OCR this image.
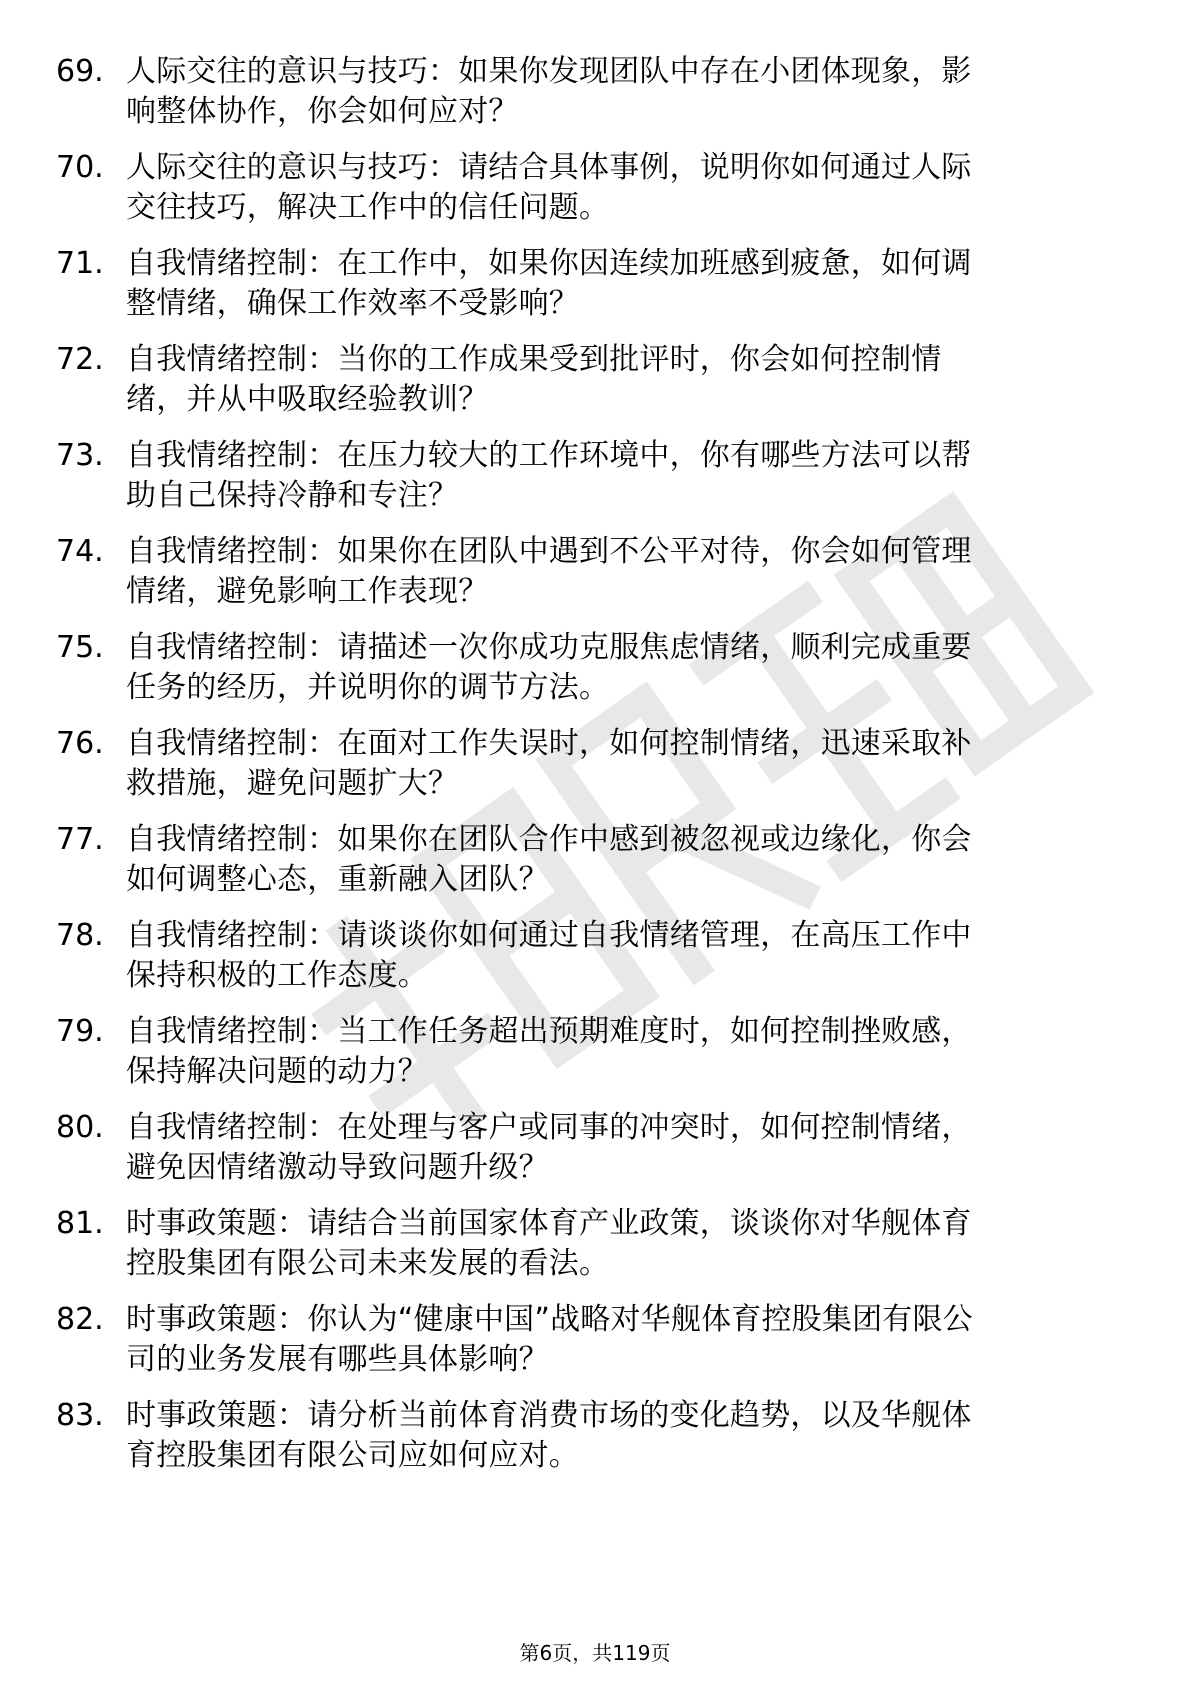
69. 人际交往的意识与技巧：如果你发现团队中存在小团体现象，影
响整体协作，你会如何应对？
70. 人际交往的意识与技巧：请结合具体事例，说明你如何通过人际
交往技巧，解决工作中的信任问题。
71. 自我情绪控制：在工作中，如果你因连续加班感到疲惫，如何调
整情绪，确保工作效率不受影响？
72. 自我情绪控制：当你的工作成果受到批评时，你会如何控制情
绪，并从中吸取经验教训？
73. 自我情绪控制：在压力较大的工作环境中，你有哪些方法可以帮
助自己保持冷静和专注？
74. 自我情绪控制：如果你在团队中遇到不公平对待，你会如何管理
情绪，避免影响工作表现？
75. 自我情绪控制：请描述一次你成功克服焦虑情绪，顺利完成重要
任务的经历，并说明你的调节方法。
76. 自我情绪控制：在面对工作失误时，如何控制情绪，迅速采取补
救措施，避免问题扩大？
77. 自我情绪控制：如果你在团队合作中感到被忽视或边缘化，你会
如何调整心态，重新融入团队？
78. 自我情绪控制：请谈谈你如何通过自我情绪管理，在高压工作中
保持积极的工作态度。
79. 自我情绪控制：当工作任务超出预期难度时，如何控制挫败感，
保持解决问题的动力？
80. 自我情绪控制：在处理与客户或同事的冲突时，如何控制情绪，
避免因情绪激动导致问题升级？
81. 时事政策题：请结合当前国家体育产业政策，谈谈你对华舰体育
控股集团有限公司未来发展的看法。
82. 时事政策题：你认为“健康中国”战略对华舰体育控股集团有限公
司的业务发展有哪些具体影响？
83. 时事政策题：请分析当前体育消费市场的变化趋势，以及华舰体
育控股集团有限公司应如何应对。
第6页，共119页
